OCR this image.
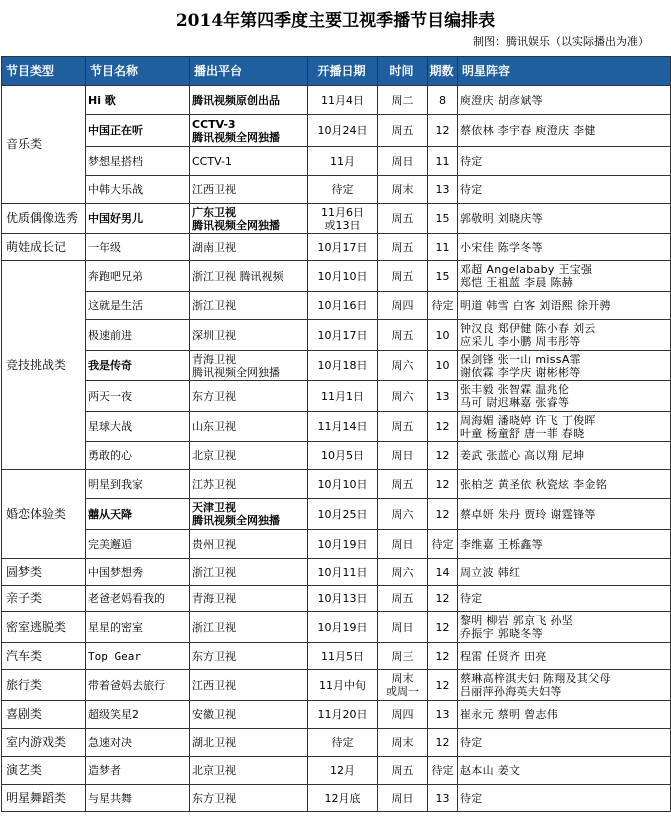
2014年第四季度主要卫视季播节目编排表
制图：腾讯娱乐（以实际播出为准）
节目类型	节目名称	播出平台	开播日期	时间	期数	明星阵容
音乐类	Hi 歌	腾讯视频原创出品	11月4日	周二	8	庾澄庆 胡彦斌等
	中国正在听	CCTV-3
腾讯视频全网独播	10月24日	周五	12	蔡依林 李宇春 庾澄庆 李健
	梦想星搭档	CCTV-1	11月	周日	11	待定
	中韩大乐战	江西卫视	待定	周末	13	待定
优质偶像选秀	中国好男儿	广东卫视
腾讯视频全网独播	11月6日
或13日	周五	15	郭敬明 刘晓庆等
萌娃成长记	一年级	湖南卫视	10月17日	周五	11	小宋佳 陈学冬等
竞技挑战类	奔跑吧兄弟	浙江卫视 腾讯视频	10月10日	周五	15	邓超 Angelababy 王宝强
郑恺 王祖蓝 李晨 陈赫
	这就是生活	浙江卫视	10月16日	周四	待定	明道 韩雪 白客 刘语熙 徐开骋
	极速前进	深圳卫视	10月17日	周五	10	钟汉良 郑伊健 陈小春 刘云
应采儿 李小鹏 周韦彤等
	我是传奇	青海卫视
腾讯视频全网独播	10月18日	周六	10	保剑锋 张一山 missA霏
谢依霖 李学庆 谢彬彬等
	两天一夜	东方卫视	11月1日	周六	13	张丰毅 张智霖 温兆伦
马可 尉迟琳嘉 张睿等
	星球大战	山东卫视	11月14日	周五	12	周海媚 潘晓婷 许飞 丁俊晖
叶童 杨童舒 唐一菲 春晓
	勇敢的心	北京卫视	10月5日	周日	12	姜武 张蓝心 高以翔 尼坤
婚恋体验类	明星到我家	江苏卫视	10月10日	周五	12	张柏芝 黄圣依 秋瓷炫 李金铭
	囍从天降	天津卫视
腾讯视频全网独播	10月25日	周六	12	蔡卓妍 朱丹 贾玲 谢霆锋等
	完美邂逅	贵州卫视	10月19日	周日	待定	李维嘉 王栎鑫等
圆梦类	中国梦想秀	浙江卫视	10月11日	周六	14	周立波 韩红
亲子类	老爸老妈看我的	青海卫视	10月13日	周五	12	待定
密室逃脱类	星星的密室	浙江卫视	10月19日	周日	12	黎明 柳岩 郭京飞 孙坚
乔振宇 郭晓冬等
汽车类	Top Gear	东方卫视	11月5日	周三	12	程雷 任贤齐 田亮
旅行类	带着爸妈去旅行	江西卫视	11月中旬	周末
或周一	12	蔡琳高梓淇夫妇 陈翔及其父母
吕丽萍孙海英夫妇等
喜剧类	超级笑星2	安徽卫视	11月20日	周四	13	崔永元 蔡明 曾志伟
室内游戏类	急速对决	湖北卫视	待定	周末	12	待定
演艺类	造梦者	北京卫视	12月	周五	待定	赵本山 姜文
明星舞蹈类	与星共舞	东方卫视	12月底	周日	13	待定
